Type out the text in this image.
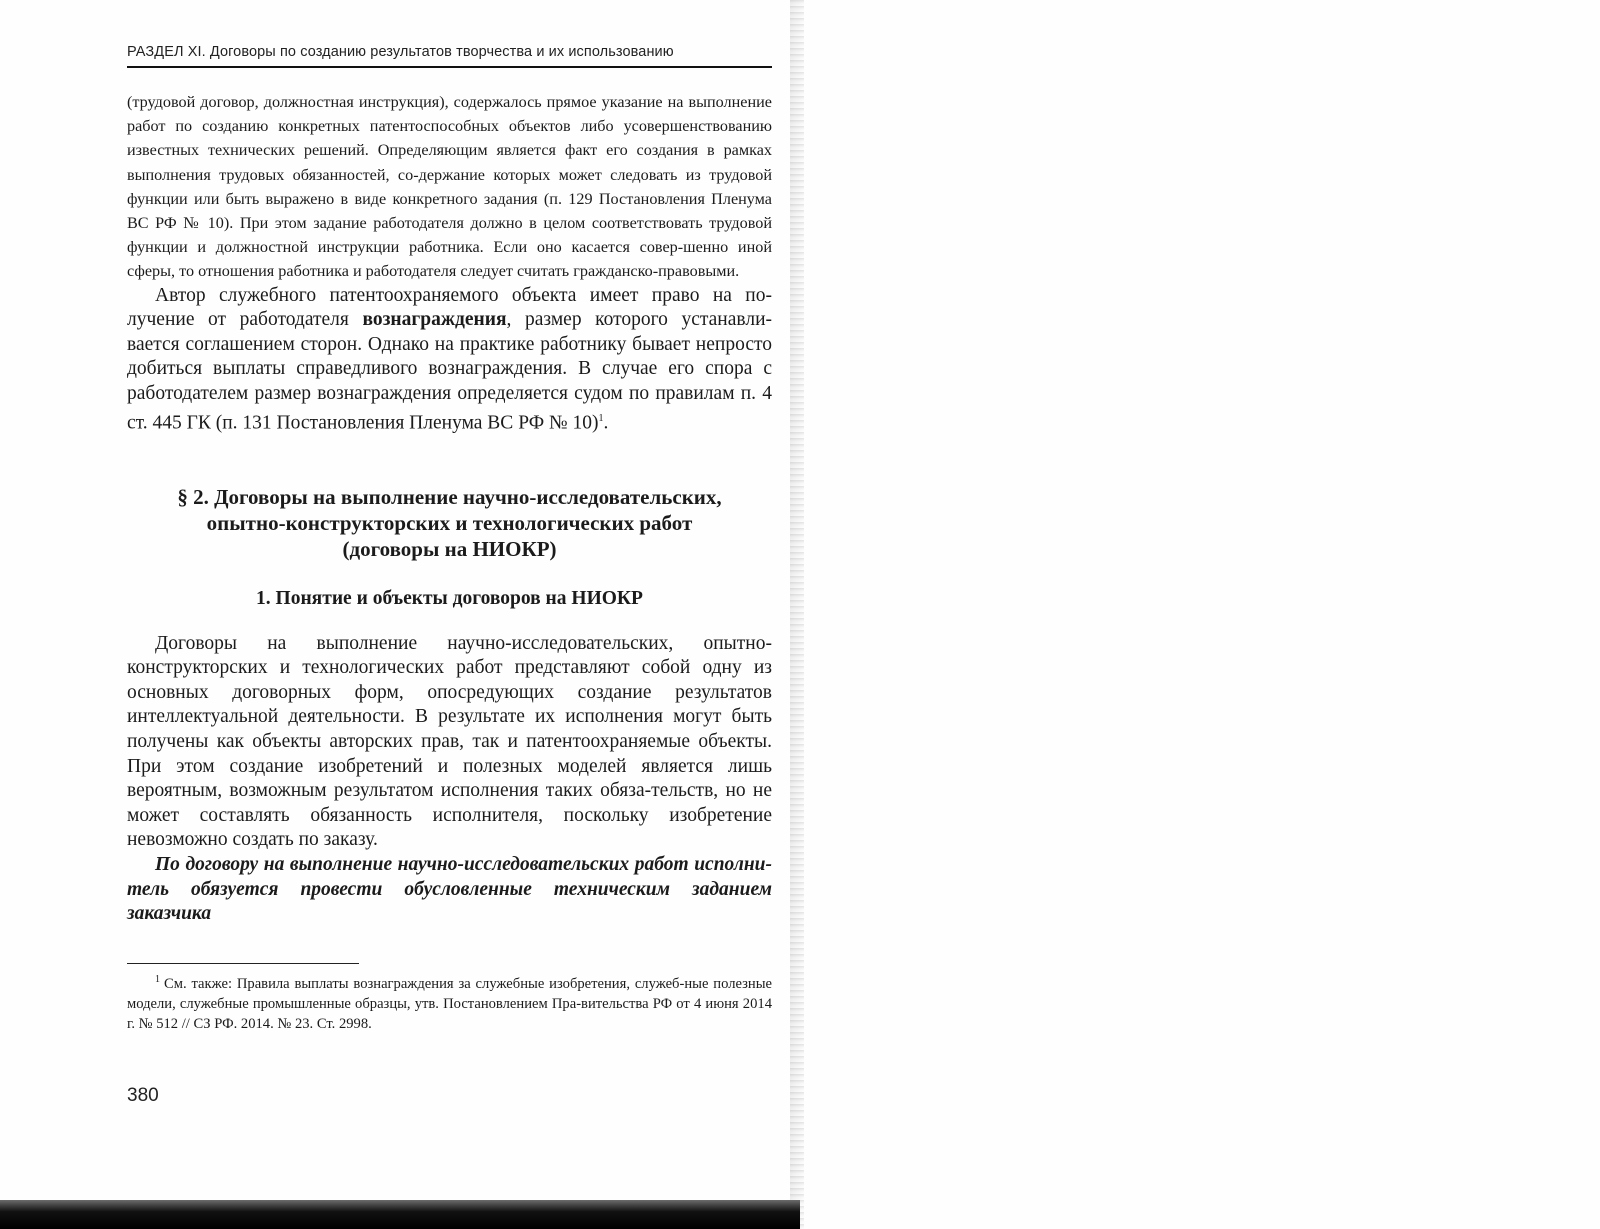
РАЗДЕЛ XI. Договоры по созданию результатов творчества и их использованию

(трудовой договор, должностная инструкция), содержалось прямое указание на выполнение работ по созданию конкретных патентоспособных объектов либо усовершенствованию известных технических решений. Определяющим является факт его создания в рамках выполнения трудовых обязанностей, со-держание которых может следовать из трудовой функции или быть выражено в виде конкретного задания (п. 129 Постановления Пленума ВС РФ № 10). При этом задание работодателя должно в целом соответствовать трудовой функции и должностной инструкции работника. Если оно касается совер-шенно иной сферы, то отношения работника и работодателя следует считать гражданско-правовыми.

Автор служебного патентоохраняемого объекта имеет право на по-лучение от работодателя вознаграждения, размер которого устанавли-вается соглашением сторон. Однако на практике работнику бывает непросто добиться выплаты справедливого вознаграждения. В случае его спора с работодателем размер вознаграждения определяется судом по правилам п. 4 ст. 445 ГК (п. 131 Постановления Пленума ВС РФ № 10)$^1$.

§ 2. Договоры на выполнение научно-исследовательских,
опытно-конструкторских и технологических работ
(договоры на НИОКР)
1. Понятие и объекты договоров на НИОКР

Договоры на выполнение научно-исследовательских, опытно-конструкторских и технологических работ представляют собой одну из основных договорных форм, опосредующих создание результатов интеллектуальной деятельности. В результате их исполнения могут быть получены как объекты авторских прав, так и патентоохраняемые объекты. При этом создание изобретений и полезных моделей является лишь вероятным, возможным результатом исполнения таких обяза-тельств, но не может составлять обязанность исполнителя, поскольку изобретение невозможно создать по заказу.

По договору на выполнение научно-исследовательских работ исполни-тель обязуется провести обусловленные техническим заданием заказчика

$^1$ См. также: Правила выплаты вознаграждения за служебные изобретения, служеб-ные полезные модели, служебные промышленные образцы, утв. Постановлением Пра-вительства РФ от 4 июня 2014 г. № 512 // СЗ РФ. 2014. № 23. Ст. 2998.
380
